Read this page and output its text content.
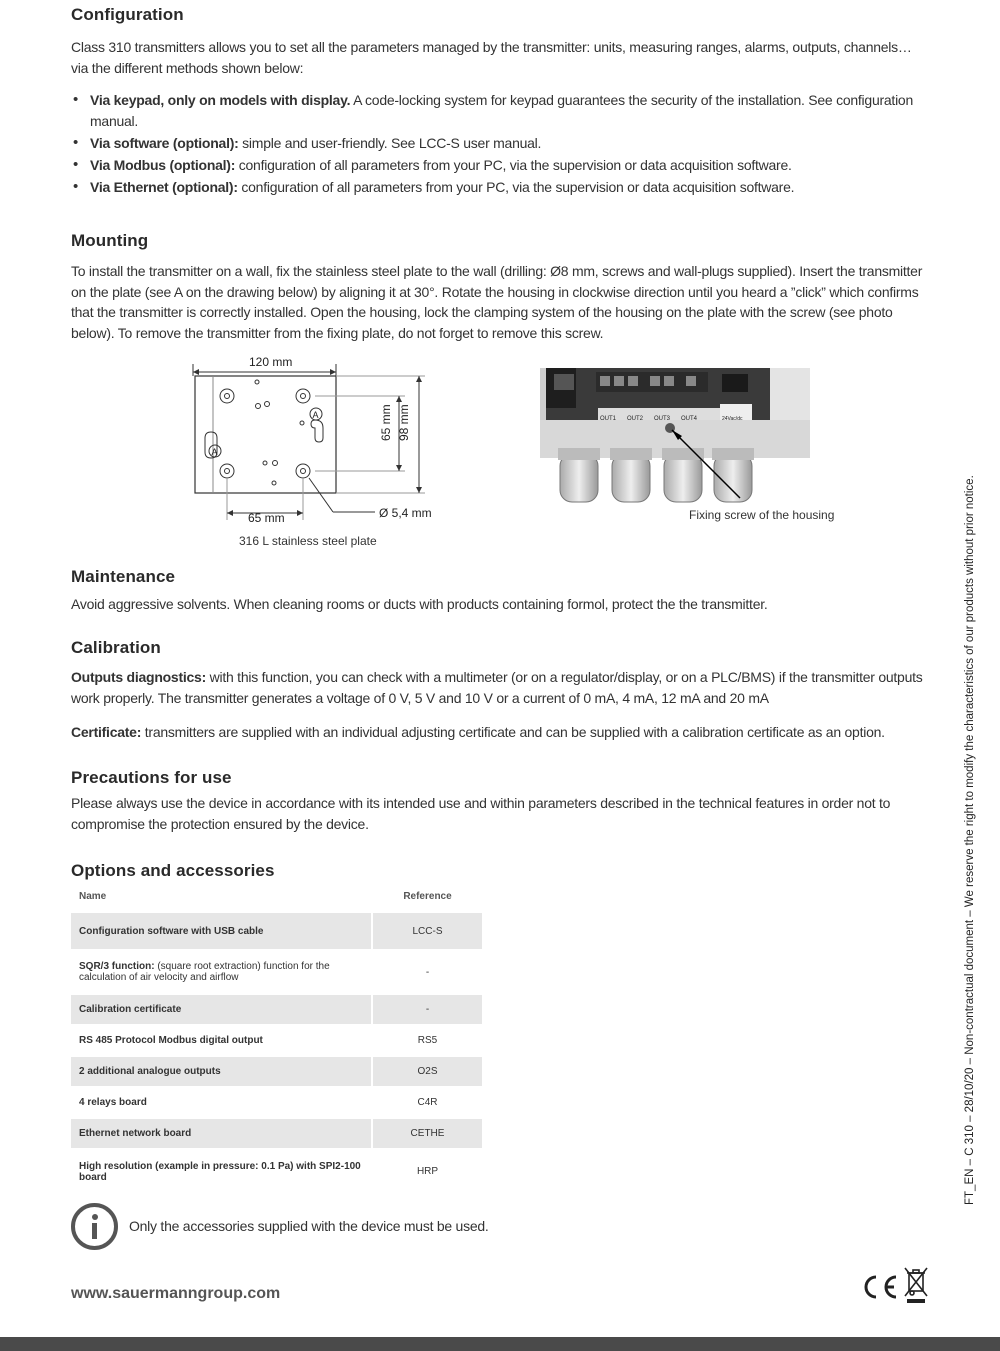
Configuration
Class 310 transmitters allows you to set all the parameters managed by the transmitter: units, measuring ranges, alarms, outputs, channels… via the different methods shown below:
• Via keypad, only on models with display. A code-locking system for keypad guarantees the security of the installation. See configuration manual.
• Via software (optional): simple and user-friendly. See LCC-S user manual.
• Via Modbus (optional): configuration of all parameters from your PC, via the supervision or data acquisition software.
• Via Ethernet (optional): configuration of all parameters from your PC, via the supervision or data acquisition software.
Mounting
To install the transmitter on a wall, fix the stainless steel plate to the wall (drilling: Ø8 mm, screws and wall-plugs supplied). Insert the transmitter on the plate (see A on the drawing below) by aligning it at 30°. Rotate the housing in clockwise direction until you heard a ”click” which confirms that the transmitter is correctly installed. Open the housing, lock the clamping system of the housing on the plate with the screw (see photo below). To remove the transmitter from the fixing plate, do not forget to remove this screw.
A
A
120 mm
65 mm 98 mm
65 mm	Ø 5,4 mm
316 L stainless steel plate
OUT1 OUT2 OUT3 OUT4	24Vac/dc
Fixing screw of the housing
Maintenance
Avoid aggressive solvents. When cleaning rooms or ducts with products containing formol, protect the the transmitter.
Calibration
Outputs diagnostics: with this function, you can check with a multimeter (or on a regulator/display, or on a PLC/BMS) if the transmitter outputs work properly. The transmitter generates a voltage of 0 V, 5 V and 10 V or a current of 0 mA, 4 mA, 12 mA and 20 mA
Certificate: transmitters are supplied with an individual adjusting certificate and can be supplied with a calibration certificate as an option.
Precautions for use
Please always use the device in accordance with its intended use and within parameters described in the technical features in order not to compromise the protection ensured by the device.
Options and accessories
Name	Reference
Configuration software with USB cable	LCC-S
SQR/3 function: (square root extraction) function for the calculation of air velocity and airflow	-
Calibration certificate	-
RS 485 Protocol Modbus digital output	RS5
2 additional analogue outputs	O2S
4 relays board	C4R
Ethernet network board	CETHE
High resolution (example in pressure: 0.1 Pa) with SPI2-100 board	HRP
Only the accessories supplied with the device must be used.
FT_EN – C 310 – 28/10/20 – Non-contractual document – We reserve the right to modify the characteristics of our products without prior notice.
www.sauermanngroup.com
